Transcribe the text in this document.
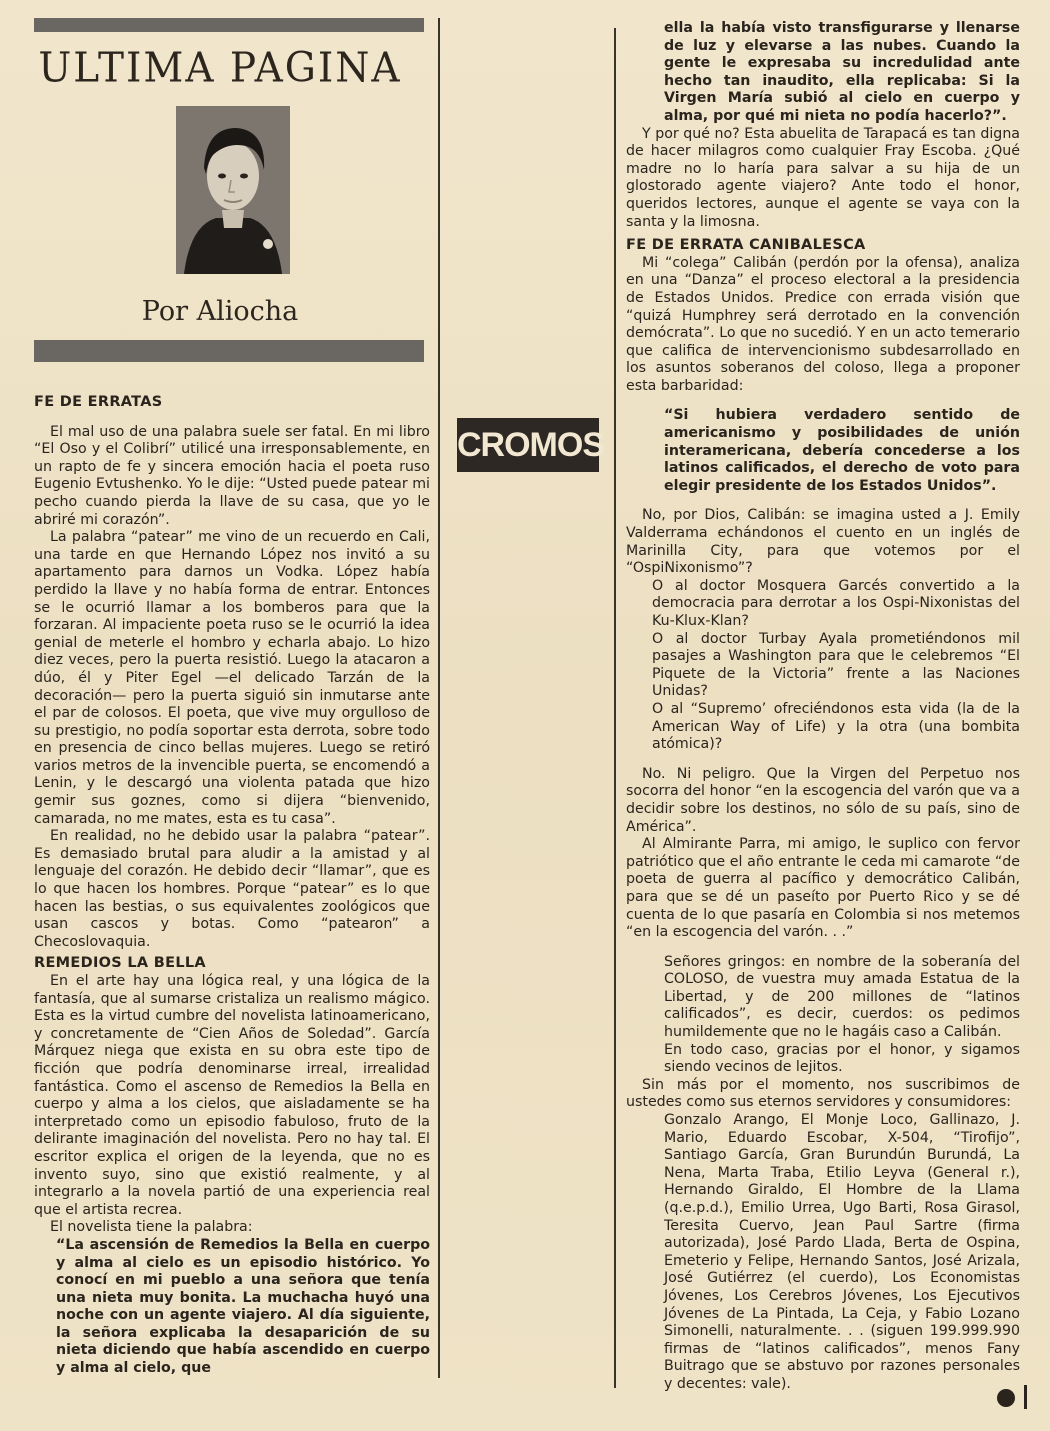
ULTIMA PAGINA
Por Aliocha
CROMOS

FE DE ERRATAS

El mal uso de una palabra suele ser fatal. En mi libro “El Oso y el Colibrí” utilicé una irresponsablemente, en un rapto de fe y sincera emoción hacia el poeta ruso Eugenio Evtushenko. Yo le dije: “Usted puede patear mi pecho cuando pierda la llave de su casa, que yo le abriré mi corazón”.

La palabra “patear” me vino de un recuerdo en Cali, una tarde en que Hernando López nos invitó a su apartamento para darnos un Vodka. López había perdido la llave y no había forma de entrar. Entonces se le ocurrió llamar a los bomberos para que la forzaran. Al impaciente poeta ruso se le ocurrió la idea genial de meterle el hombro y echarla abajo. Lo hizo diez veces, pero la puerta resistió. Luego la atacaron a dúo, él y Piter Egel —el delicado Tarzán de la decoración— pero la puerta siguió sin inmutarse ante el par de colosos. El poeta, que vive muy orgulloso de su prestigio, no podía soportar esta derrota, sobre todo en presencia de cinco bellas mujeres. Luego se retiró varios metros de la invencible puerta, se encomendó a Lenin, y le descargó una violenta patada que hizo gemir sus goznes, como si dijera “bienvenido, camarada, no me mates, esta es tu casa”.

En realidad, no he debido usar la palabra “patear”. Es demasiado brutal para aludir a la amistad y al lenguaje del corazón. He debido decir “llamar”, que es lo que hacen los hombres. Porque “patear” es lo que hacen las bestias, o sus equivalentes zoológicos que usan cascos y botas. Como “patearon” a Checoslovaquia.

REMEDIOS LA BELLA

En el arte hay una lógica real, y una lógica de la fantasía, que al sumarse cristaliza un realismo mágico. Esta es la virtud cumbre del novelista latinoamericano, y concretamente de “Cien Años de Soledad”. García Márquez niega que exista en su obra este tipo de ficción que podría denominarse irreal, irrealidad fantástica. Como el ascenso de Remedios la Bella en cuerpo y alma a los cielos, que aisladamente se ha interpretado como un episodio fabuloso, fruto de la delirante imaginación del novelista. Pero no hay tal. El escritor explica el origen de la leyenda, que no es invento suyo, sino que existió realmente, y al integrarlo a la novela partió de una experiencia real que el artista recrea.

El novelista tiene la palabra:

“La ascensión de Remedios la Bella en cuerpo y alma al cielo es un episodio histórico. Yo conocí en mi pueblo a una señora que tenía una nieta muy bonita. La muchacha huyó una noche con un agente viajero. Al día siguiente, la señora explicaba la desaparición de su nieta diciendo que había ascendido en cuerpo y alma al cielo, que

ella la había visto transfigurarse y llenarse de luz y elevarse a las nubes. Cuando la gente le expresaba su incredulidad ante hecho tan inaudito, ella replicaba: Si la Virgen María subió al cielo en cuerpo y alma, por qué mi nieta no podía hacerlo?”.

Y por qué no? Esta abuelita de Tarapacá es tan digna de hacer milagros como cualquier Fray Escoba. ¿Qué madre no lo haría para salvar a su hija de un glostorado agente viajero? Ante todo el honor, queridos lectores, aunque el agente se vaya con la santa y la limosna.

FE DE ERRATA CANIBALESCA

Mi “colega” Calibán (perdón por la ofensa), analiza en una “Danza” el proceso electoral a la presidencia de Estados Unidos. Predice con errada visión que “quizá Humphrey será derrotado en la convención demócrata”. Lo que no sucedió. Y en un acto temerario que califica de intervencionismo subdesarrollado en los asuntos soberanos del coloso, llega a proponer esta barbaridad:

“Si hubiera verdadero sentido de americanismo y posibilidades de unión interamericana, debería concederse a los latinos calificados, el derecho de voto para elegir presidente de los Estados Unidos”.

No, por Dios, Calibán: se imagina usted a J. Emily Valderrama echándonos el cuento en un inglés de Marinilla City, para que votemos por el “OspiNixonismo”?

O al doctor Mosquera Garcés convertido a la democracia para derrotar a los Ospi-Nixonistas del Ku-Klux-Klan?

O al doctor Turbay Ayala prometiéndonos mil pasajes a Washington para que le celebremos “El Piquete de la Victoria” frente a las Naciones Unidas?

O al “Supremo’ ofreciéndonos esta vida (la de la American Way of Life) y la otra (una bombita atómica)?

No. Ni peligro. Que la Virgen del Perpetuo nos socorra del honor “en la escogencia del varón que va a decidir sobre los destinos, no sólo de su país, sino de América”.

Al Almirante Parra, mi amigo, le suplico con fervor patriótico que el año entrante le ceda mi camarote “de poeta de guerra al pacífico y democrático Calibán, para que se dé un paseíto por Puerto Rico y se dé cuenta de lo que pasaría en Colombia si nos metemos “en la escogencia del varón. . .”

Señores gringos: en nombre de la soberanía del COLOSO, de vuestra muy amada Estatua de la Libertad, y de 200 millones de “latinos calificados”, es decir, cuerdos: os pedimos humildemente que no le hagáis caso a Calibán.

En todo caso, gracias por el honor, y sigamos siendo vecinos de lejitos.

Sin más por el momento, nos suscribimos de ustedes como sus eternos servidores y consumidores:

Gonzalo Arango, El Monje Loco, Gallinazo, J. Mario, Eduardo Escobar, X-504, “Tirofijo”, Santiago García, Gran Burundún Burundá, La Nena, Marta Traba, Etilio Leyva (General r.), Hernando Giraldo, El Hombre de la Llama (q.e.p.d.), Emilio Urrea, Ugo Barti, Rosa Girasol, Teresita Cuervo, Jean Paul Sartre (firma autorizada), José Pardo Llada, Berta de Ospina, Emeterio y Felipe, Hernando Santos, José Arizala, José Gutiérrez (el cuerdo), Los Economistas Jóvenes, Los Cerebros Jóvenes, Los Ejecutivos Jóvenes de La Pintada, La Ceja, y Fabio Lozano Simonelli, naturalmente. . . (siguen 199.999.990 firmas de “latinos calificados”, menos Fany Buitrago que se abstuvo por razones personales y decentes: vale).
